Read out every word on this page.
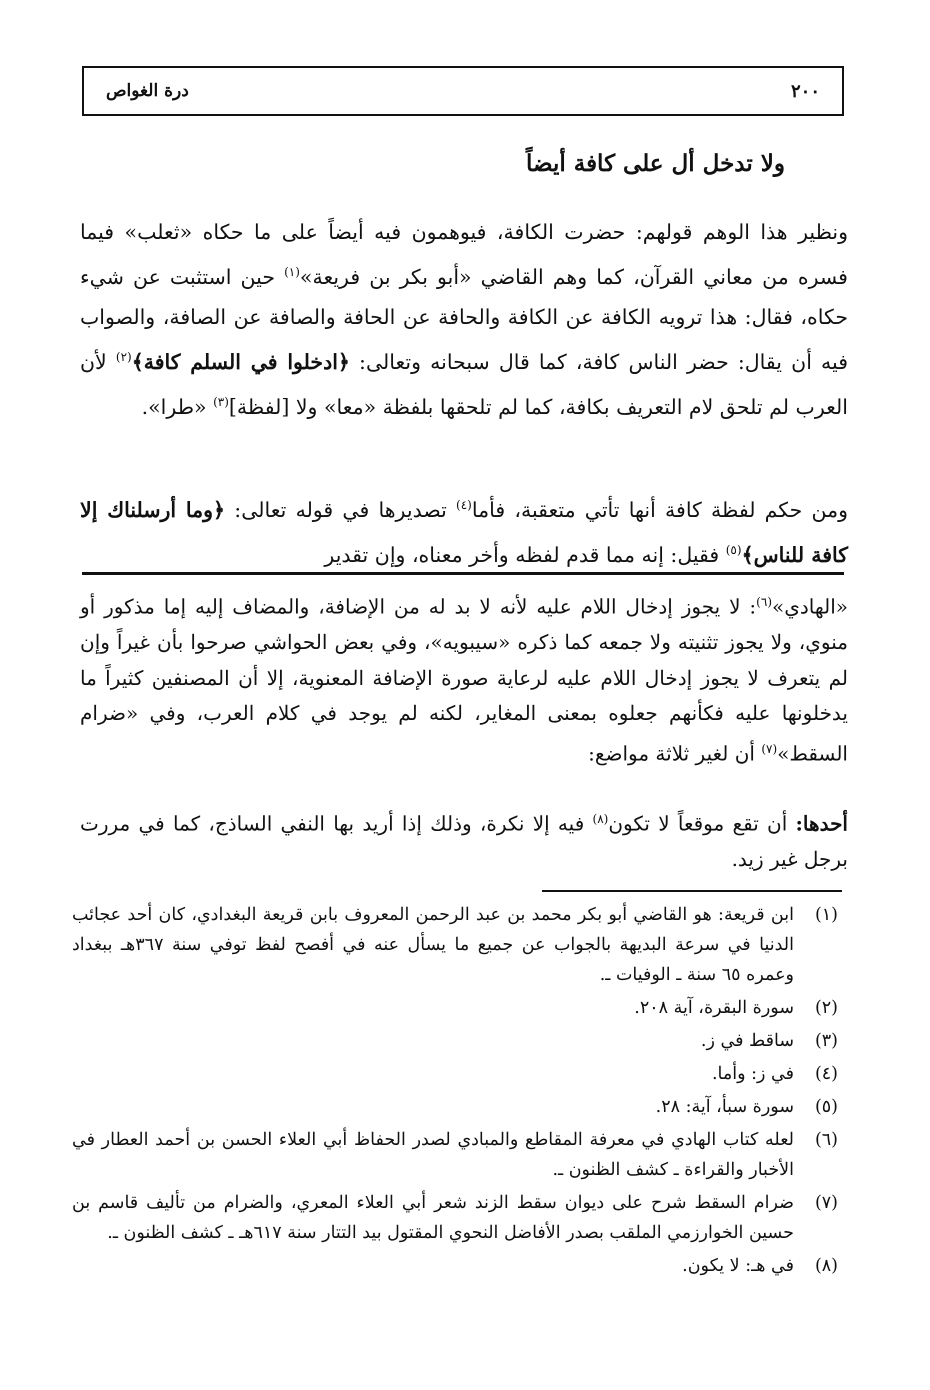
درة الغواص	٢٠٠
ولا تدخل أل على كافة أيضاً
ونظير هذا الوهم قولهم: حضرت الكافة، فيوهمون فيه أيضاً على ما حكاه «ثعلب» فيما فسره من معاني القرآن، كما وهم القاضي «أبو بكر بن فريعة»$^{(١)}$ حين استثبت عن شيء حكاه، فقال: هذا ترويه الكافة عن الكافة والحافة عن الحافة والصافة عن الصافة، والصواب فيه أن يقال: حضر الناس كافة، كما قال سبحانه وتعالى: ﴿ادخلوا في السلم كافة﴾$^{(٢)}$ لأن العرب لم تلحق لام التعريف بكافة، كما لم تلحقها بلفظة «معا» ولا [لفظة]$^{(٣)}$ «طرا».
ومن حكم لفظة كافة أنها تأتي متعقبة، فأما$^{(٤)}$ تصديرها في قوله تعالى: ﴿وما أرسلناك إلا كافة للناس﴾$^{(٥)}$ فقيل: إنه مما قدم لفظه وأخر معناه، وإن تقدير
«الهادي»$^{(٦)}$: لا يجوز إدخال اللام عليه لأنه لا بد له من الإضافة، والمضاف إليه إما مذكور أو منوي، ولا يجوز تثنيته ولا جمعه كما ذكره «سيبويه»، وفي بعض الحواشي صرحوا بأن غيراً وإن لم يتعرف لا يجوز إدخال اللام عليه لرعاية صورة الإضافة المعنوية، إلا أن المصنفين كثيراً ما يدخلونها عليه فكأنهم جعلوه بمعنى المغاير، لكنه لم يوجد في كلام العرب، وفي «ضرام السقط»$^{(٧)}$ أن لغير ثلاثة مواضع:
أحدها: أن تقع موقعاً لا تكون$^{(٨)}$ فيه إلا نكرة، وذلك إذا أريد بها النفي الساذج، كما في مررت برجل غير زيد.
(١)
ابن قريعة: هو القاضي أبو بكر محمد بن عبد الرحمن المعروف بابن قريعة البغدادي، كان أحد عجائب الدنيا في سرعة البديهة بالجواب عن جميع ما يسأل عنه في أفصح لفظ توفي سنة ٣٦٧هـ ببغداد وعمره ٦٥ سنة ـ الوفيات ـ.
(٢)
سورة البقرة، آية ٢٠٨.
(٣)
ساقط في ز.
(٤)
في ز: وأما.
(٥)
سورة سبأ، آية: ٢٨.
(٦)
لعله كتاب الهادي في معرفة المقاطع والمبادي لصدر الحفاظ أبي العلاء الحسن بن أحمد العطار في الأخبار والقراءة ـ كشف الظنون ـ.
(٧)
ضرام السقط شرح على ديوان سقط الزند شعر أبي العلاء المعري، والضرام من تأليف قاسم بن حسين الخوارزمي الملقب بصدر الأفاضل النحوي المقتول بيد التتار سنة ٦١٧هـ ـ كشف الظنون ـ.
(٨)
في هـ: لا يكون.
